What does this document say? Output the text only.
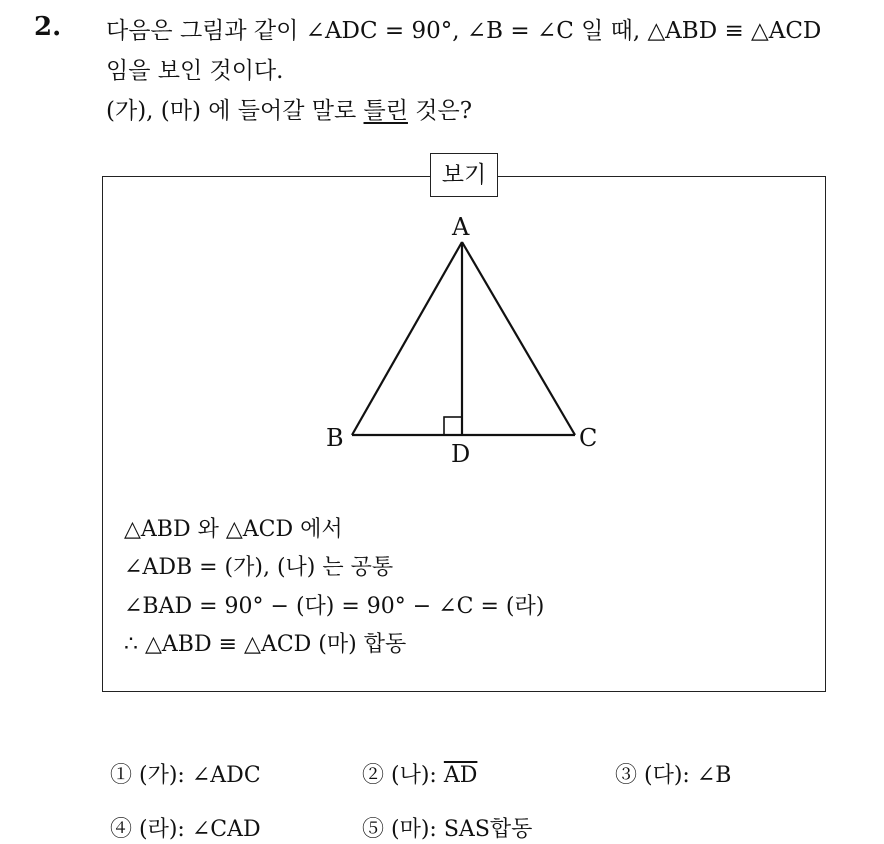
2. 다음은 그림과 같이 ∠ADC = 90°, ∠B = ∠C 일 때, △ABD ≡ △ACD
임을 보인 것이다.
(가), (마) 에 들어갈 말로 틀린 것은?
보기
A
B	C
D
△ABD 와 △ACD 에서
∠ADB = (가), (나) 는 공통
∠BAD = 90° − (다) = 90° − ∠C = (라)
∴ △ABD ≡ △ACD (마) 합동
① (가): ∠ADC	② (나): $\overline{AD}$	③ (다): ∠B
④ (라): ∠CAD	⑤ (마): SAS합동
